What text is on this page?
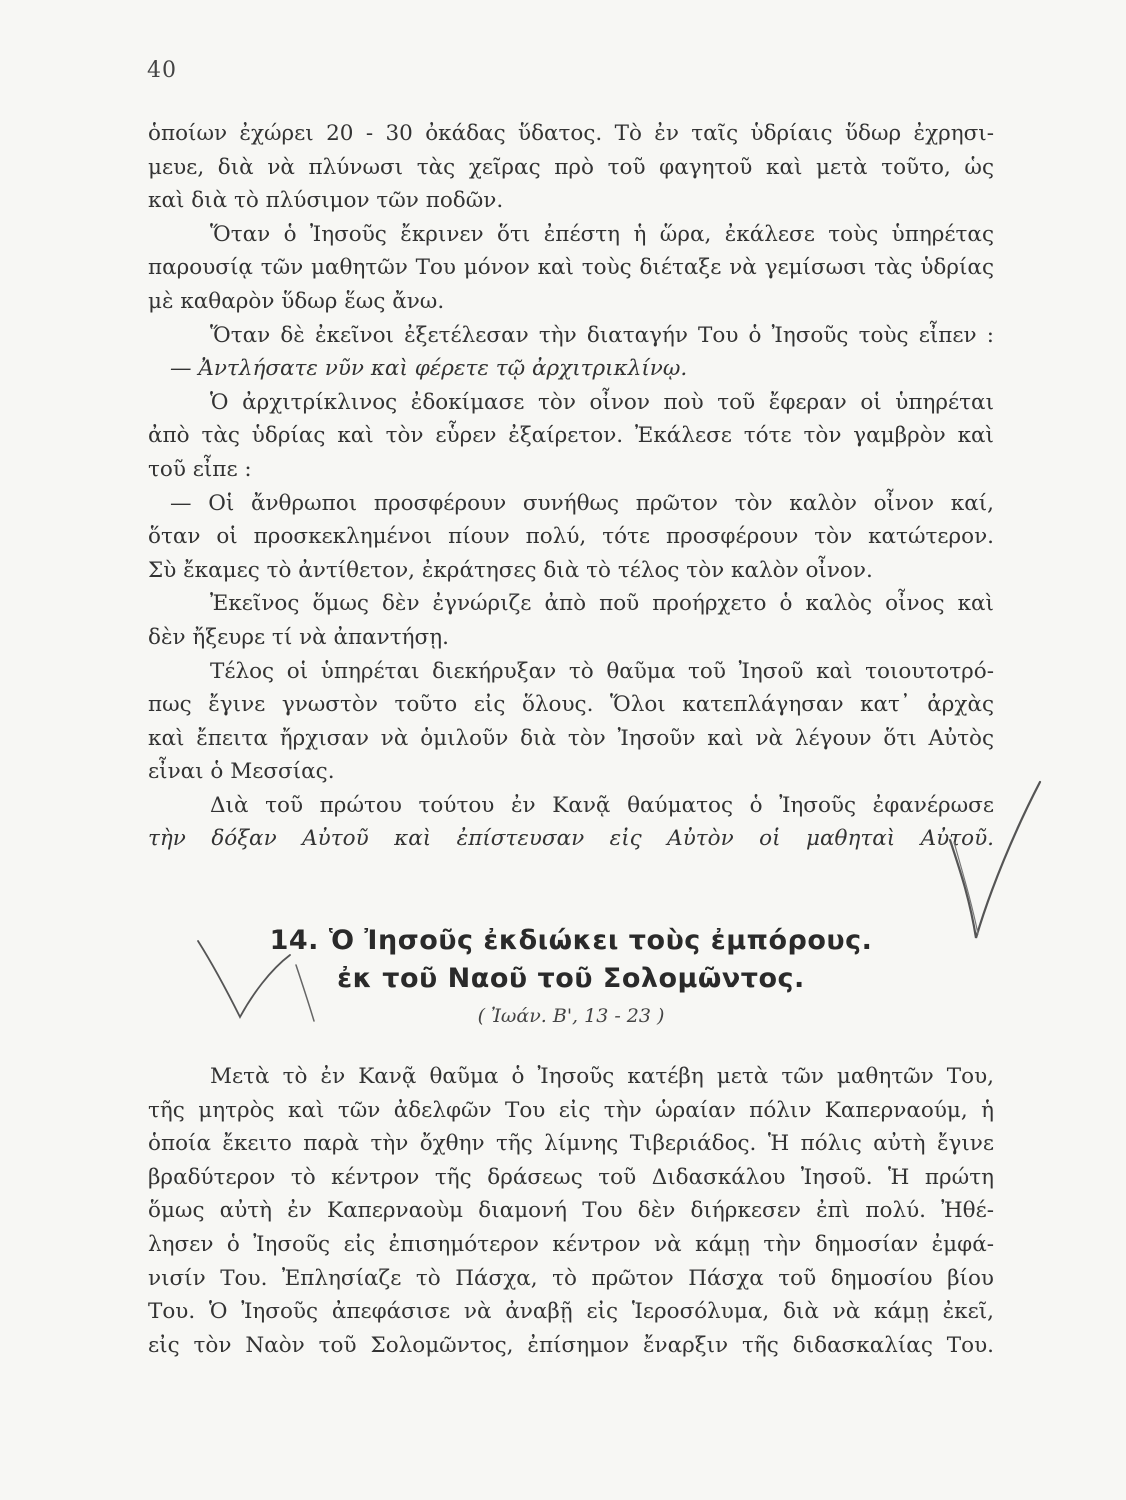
40
ὁποίων ἐχώρει 20 - 30 ὀκάδας ὕδατος. Τὸ ἐν ταῖς ὑδρίαις ὕδωρ ἐχρησι-
μευε, διὰ νὰ πλύνωσι τὰς χεῖρας πρὸ τοῦ φαγητοῦ καὶ μετὰ τοῦτο, ὡς
καὶ διὰ τὸ πλύσιμον τῶν ποδῶν.
Ὅταν ὁ Ἰησοῦς ἔκρινεν ὅτι ἐπέστη ἡ ὥρα, ἐκάλεσε τοὺς ὑπηρέτας
παρουσίᾳ τῶν μαθητῶν Του μόνον καὶ τοὺς διέταξε νὰ γεμίσωσι τὰς ὑδρίας
μὲ καθαρὸν ὕδωρ ἕως ἄνω.
Ὅταν δὲ ἐκεῖνοι ἐξετέλεσαν τὴν διαταγήν Του ὁ Ἰησοῦς τοὺς εἶπεν :
— Ἀντλήσατε νῦν καὶ φέρετε τῷ ἀρχιτρικλίνῳ.
Ὁ ἀρχιτρίκλινος ἐδοκίμασε τὸν οἶνον ποὺ τοῦ ἔφεραν οἱ ὑπηρέται
ἀπὸ τὰς ὑδρίας καὶ τὸν εὗρεν ἐξαίρετον. Ἐκάλεσε τότε τὸν γαμβρὸν καὶ
τοῦ εἶπε :
— Οἱ ἄνθρωποι προσφέρουν συνήθως πρῶτον τὸν καλὸν οἶνον καί,
ὅταν οἱ προσκεκλημένοι πίουν πολύ, τότε προσφέρουν τὸν κατώτερον.
Σὺ ἔκαμες τὸ ἀντίθετον, ἐκράτησες διὰ τὸ τέλος τὸν καλὸν οἶνον.
Ἐκεῖνος ὅμως δὲν ἐγνώριζε ἀπὸ ποῦ προήρχετο ὁ καλὸς οἶνος καὶ
δὲν ἤξευρε τί νὰ ἀπαντήσῃ.
Τέλος οἱ ὑπηρέται διεκήρυξαν τὸ θαῦμα τοῦ Ἰησοῦ καὶ τοιουτοτρό-
πως ἔγινε γνωστὸν τοῦτο εἰς ὅλους. Ὅλοι κατεπλάγησαν κατ᾽ ἀρχὰς
καὶ ἔπειτα ἤρχισαν νὰ ὁμιλοῦν διὰ τὸν Ἰησοῦν καὶ νὰ λέγουν ὅτι Αὐτὸς
εἶναι ὁ Μεσσίας.
Διὰ τοῦ πρώτου τούτου ἐν Κανᾷ θαύματος ὁ Ἰησοῦς ἐφανέρωσε
τὴν δόξαν Αὐτοῦ καὶ ἐπίστευσαν εἰς Αὐτὸν οἱ μαθηταὶ Αὐτοῦ.
14. Ὁ Ἰησοῦς ἐκδιώκει τοὺς ἐμπόρους.
ἐκ τοῦ Ναοῦ τοῦ Σολομῶντος.
( Ἰωάν. Β', 13 - 23 )
Μετὰ τὸ ἐν Κανᾷ θαῦμα ὁ Ἰησοῦς κατέβη μετὰ τῶν μαθητῶν Του,
τῆς μητρὸς καὶ τῶν ἀδελφῶν Του εἰς τὴν ὡραίαν πόλιν Καπερναούμ, ἡ
ὁποία ἔκειτο παρὰ τὴν ὄχθην τῆς λίμνης Τιβεριάδος. Ἡ πόλις αὐτὴ ἔγινε
βραδύτερον τὸ κέντρον τῆς δράσεως τοῦ Διδασκάλου Ἰησοῦ. Ἡ πρώτη
ὅμως αὐτὴ ἐν Καπερναοὺμ διαμονή Του δὲν διήρκεσεν ἐπὶ πολύ. Ἠθέ-
λησεν ὁ Ἰησοῦς εἰς ἐπισημότερον κέντρον νὰ κάμῃ τὴν δημοσίαν ἐμφά-
νισίν Του. Ἐπλησίαζε τὸ Πάσχα, τὸ πρῶτον Πάσχα τοῦ δημοσίου βίου
Του. Ὁ Ἰησοῦς ἀπεφάσισε νὰ ἀναβῇ εἰς Ἱεροσόλυμα, διὰ νὰ κάμῃ ἐκεῖ,
εἰς τὸν Ναὸν τοῦ Σολομῶντος, ἐπίσημον ἔναρξιν τῆς διδασκαλίας Του.
